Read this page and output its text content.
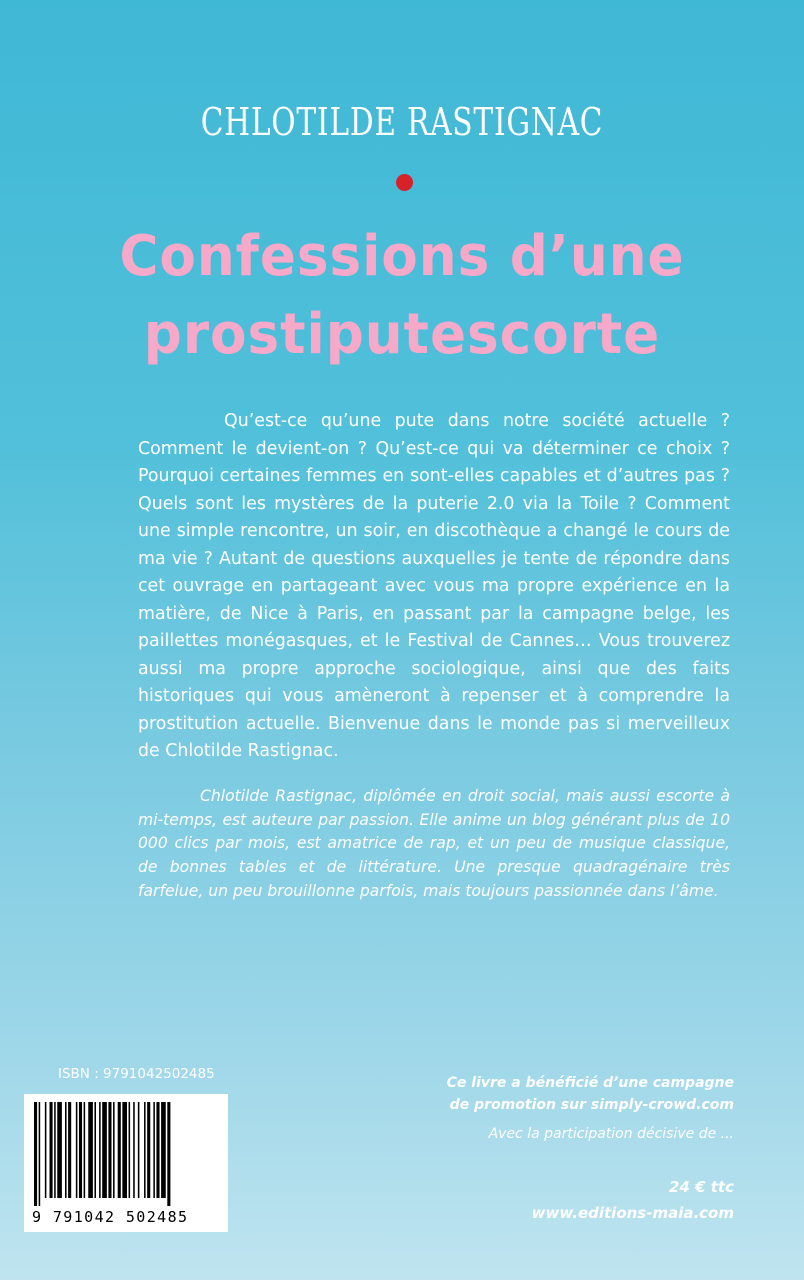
CHLOTILDE RASTIGNAC
Confessions d’une
prostiputescorte
Qu’est-ce qu’une pute dans notre société actuelle ? Comment le devient-on ? Qu’est-ce qui va déterminer ce choix ? Pourquoi certaines femmes en sont-elles capables et d’autres pas ? Quels sont les mystères de la puterie 2.0 via la Toile ? Comment une simple rencontre, un soir, en discothèque a changé le cours de ma vie ? Autant de questions auxquelles je tente de répondre dans cet ouvrage en partageant avec vous ma propre expérience en la matière, de Nice à Paris, en passant par la campagne belge, les paillettes monégasques, et le Festival de Cannes… Vous trouverez aussi ma propre approche sociologique, ainsi que des faits historiques qui vous amèneront à repenser et à comprendre la prostitution actuelle. Bienvenue dans le monde pas si merveilleux de Chlotilde Rastignac.
Chlotilde Rastignac, diplômée en droit social, mais aussi escorte à mi-temps, est auteure par passion. Elle anime un blog générant plus de 10 000 clics par mois, est amatrice de rap, et un peu de musique classique, de bonnes tables et de littérature. Une presque quadragénaire très farfelue, un peu brouillonne parfois, mais toujours passionnée dans l’âme.
ISBN : 9791042502485
9 791042 502485
Ce livre a bénéficié d’une campagne
de promotion sur simply-crowd.com
Avec la participation décisive de ...
24 € ttc
www.editions-maia.com
